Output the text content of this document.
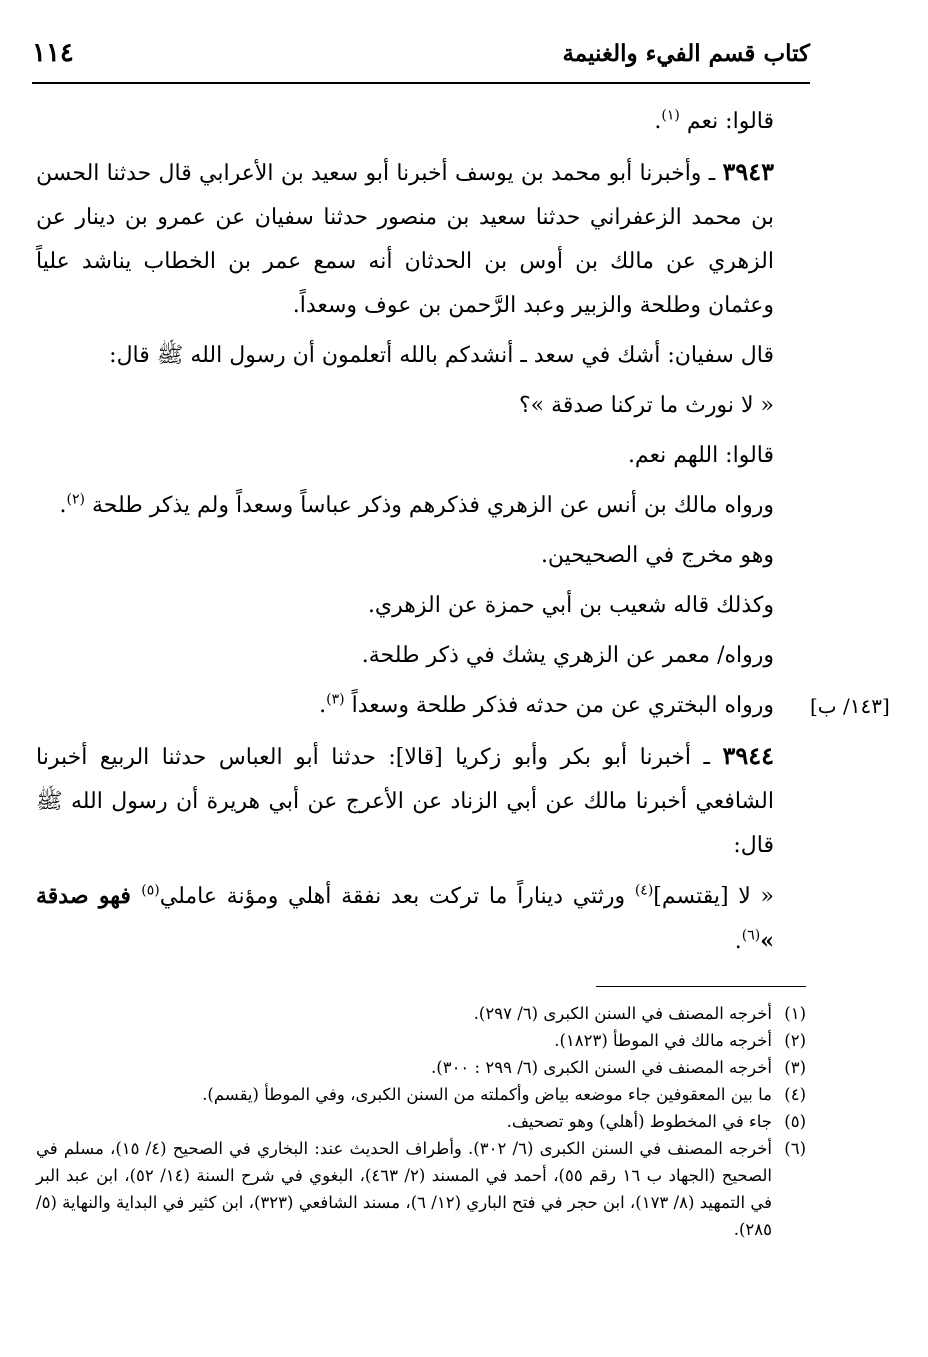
كتاب قسم الفيء والغنيمة
١١٤

قالوا: نعم $^{(١)}$.

٣٩٤٣ ـ وأخبرنا أبو محمد بن يوسف أخبرنا أبو سعيد بن الأعرابي قال حدثنا الحسن بن محمد الزعفراني حدثنا سعيد بن منصور حدثنا سفيان عن عمرو بن دينار عن الزهري عن مالك بن أوس بن الحدثان أنه سمع عمر بن الخطاب يناشد علياً وعثمان وطلحة والزبير وعبد الرَّحمن بن عوف وسعداً.

قال سفيان: أشك في سعد ـ أنشدكم بالله أتعلمون أن رسول الله ﷺ قال:

« لا نورث ما تركنا صدقة »؟

قالوا: اللهم نعم.

ورواه مالك بن أنس عن الزهري فذكرهم وذكر عباساً وسعداً ولم يذكر طلحة $^{(٢)}$.

وهو مخرج في الصحيحين.

وكذلك قاله شعيب بن أبي حمزة عن الزهري.

ورواه/ معمر عن الزهري يشك في ذكر طلحة.

ورواه البختري عن من حدثه فذكر طلحة وسعداً $^{(٣)}$.

٣٩٤٤ ـ أخبرنا أبو بكر وأبو زكريا [قالا]: حدثنا أبو العباس حدثنا الربيع أخبرنا الشافعي أخبرنا مالك عن أبي الزناد عن الأعرج عن أبي هريرة أن رسول الله ﷺ قال:

« لا [يقتسم]$^{(٤)}$ ورثتي ديناراً ما تركت بعد نفقة أهلي ومؤنة عاملي$^{(٥)}$ فهو صدقة »$^{(٦)}$.

[١٤٣/ ب]
(١)
أخرجه المصنف في السنن الكبرى (٦/ ٢٩٧).
(٢)
أخرجه مالك في الموطأ (١٨٢٣).
(٣)
أخرجه المصنف في السنن الكبرى (٦/ ٢٩٩ : ٣٠٠).
(٤)
ما بين المعقوفين جاء موضعه بياض وأكملته من السنن الكبرى، وفي الموطأ (يقسم).
(٥)
جاء في المخطوط (أهلي) وهو تصحيف.
(٦)
أخرجه المصنف في السنن الكبرى (٦/ ٣٠٢). وأطراف الحديث عند: البخاري في الصحيح (٤/ ١٥)، مسلم في الصحيح (الجهاد ب ١٦ رقم ٥٥)، أحمد في المسند (٢/ ٤٦٣)، البغوي في شرح السنة (١٤/ ٥٢)، ابن عبد البر في التمهيد (٨/ ١٧٣)، ابن حجر في فتح الباري (١٢/ ٦)، مسند الشافعي (٣٢٣)، ابن كثير في البداية والنهاية (٥/ ٢٨٥).
